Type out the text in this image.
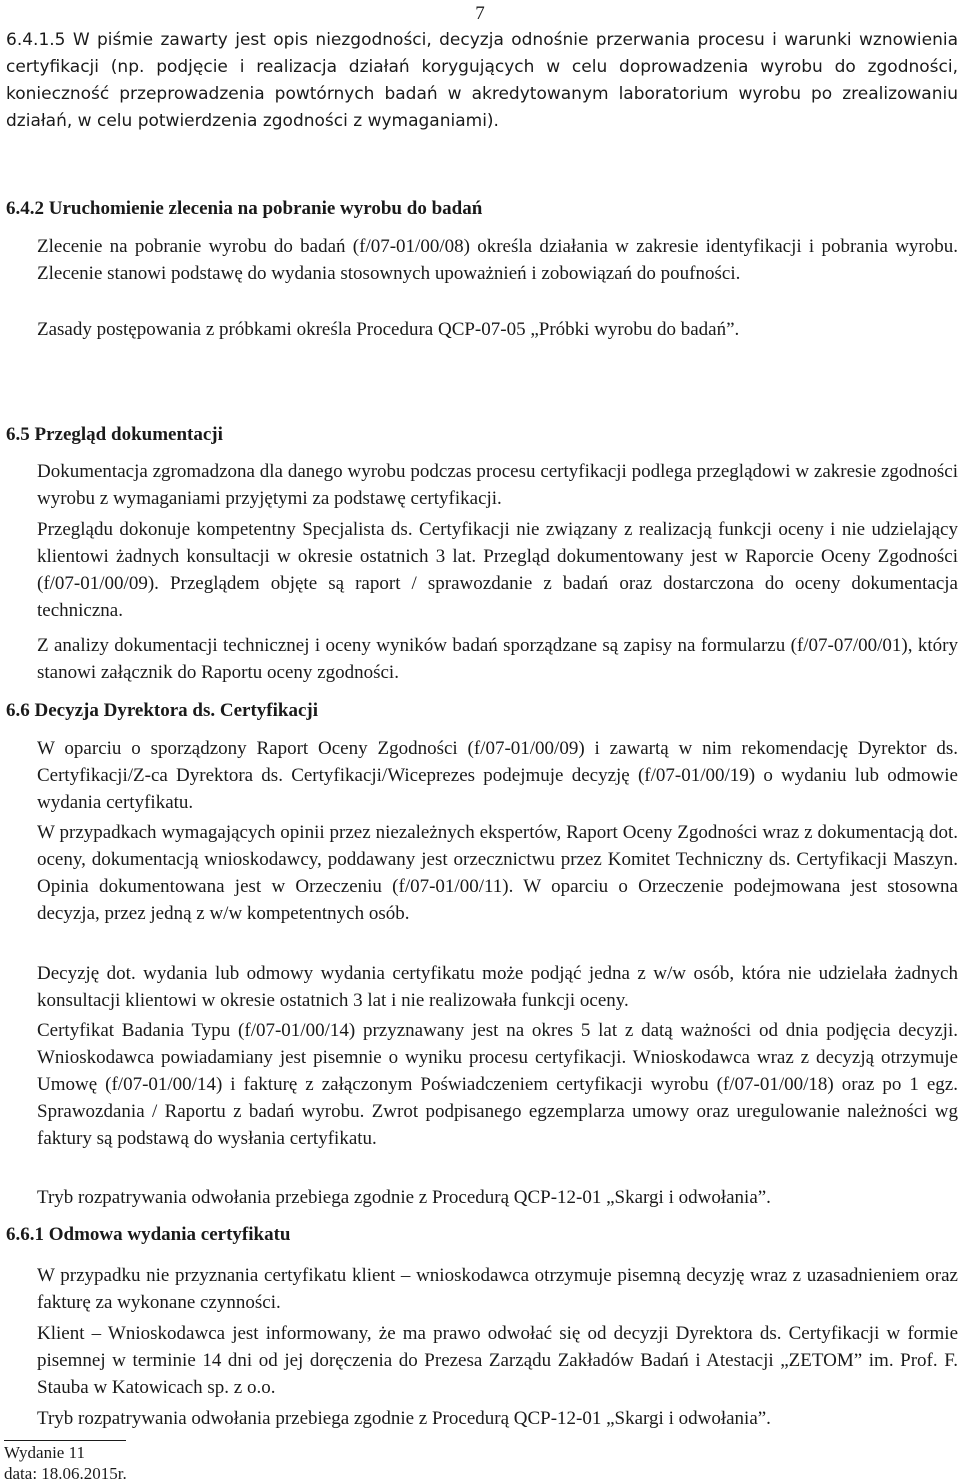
7

6.4.1.5 W piśmie zawarty jest opis niezgodności, decyzja odnośnie przerwania procesu i warunki wznowienia certyfikacji (np. podjęcie i realizacja działań korygujących w celu doprowadzenia wyrobu do zgodności, konieczność przeprowadzenia powtórnych badań w akredytowanym laboratorium wyrobu po zrealizowaniu działań, w celu potwierdzenia zgodności z wymaganiami).

6.4.2 Uruchomienie zlecenia na pobranie wyrobu do badań

Zlecenie na pobranie wyrobu do badań (f/07-01/00/08) określa działania w zakresie identyfikacji i pobrania wyrobu. Zlecenie stanowi podstawę do wydania stosownych upoważnień i zobowiązań do poufności.

Zasady postępowania z próbkami określa Procedura QCP-07-05 „Próbki wyrobu do badań”.

6.5 Przegląd dokumentacji

Dokumentacja zgromadzona dla danego wyrobu podczas procesu certyfikacji podlega przeglądowi w zakresie zgodności wyrobu z wymaganiami przyjętymi za podstawę certyfikacji.

Przeglądu dokonuje kompetentny Specjalista ds. Certyfikacji nie związany z realizacją funkcji oceny i nie udzielający klientowi żadnych konsultacji w okresie ostatnich 3 lat. Przegląd dokumentowany jest w Raporcie Oceny Zgodności (f/07-01/00/09). Przeglądem objęte są raport / sprawozdanie z badań oraz dostarczona do oceny dokumentacja techniczna.

Z analizy dokumentacji technicznej i oceny wyników badań sporządzane są zapisy na formularzu (f/07-07/00/01), który stanowi załącznik do Raportu oceny zgodności.

6.6 Decyzja Dyrektora ds. Certyfikacji

W oparciu o sporządzony Raport Oceny Zgodności (f/07-01/00/09) i zawartą w nim rekomendację Dyrektor ds. Certyfikacji/Z-ca Dyrektora ds. Certyfikacji/Wiceprezes podejmuje decyzję (f/07-01/00/19) o wydaniu lub odmowie wydania certyfikatu.

W przypadkach wymagających opinii przez niezależnych ekspertów, Raport Oceny Zgodności wraz z dokumentacją dot. oceny, dokumentacją wnioskodawcy, poddawany jest orzecznictwu przez Komitet Techniczny ds. Certyfikacji Maszyn. Opinia dokumentowana jest w Orzeczeniu (f/07-01/00/11). W oparciu o Orzeczenie podejmowana jest stosowna decyzja, przez jedną z w/w kompetentnych osób.

Decyzję dot. wydania lub odmowy wydania certyfikatu może podjąć jedna z w/w osób, która nie udzielała żadnych konsultacji klientowi w okresie ostatnich 3 lat i nie realizowała funkcji oceny.

Certyfikat Badania Typu (f/07-01/00/14) przyznawany jest na okres 5 lat z datą ważności od dnia podjęcia decyzji. Wnioskodawca powiadamiany jest pisemnie o wyniku procesu certyfikacji. Wnioskodawca wraz z decyzją otrzymuje Umowę (f/07-01/00/14) i fakturę z załączonym Poświadczeniem certyfikacji wyrobu (f/07-01/00/18) oraz po 1 egz. Sprawozdania / Raportu z badań wyrobu. Zwrot podpisanego egzemplarza umowy oraz uregulowanie należności wg faktury są podstawą do wysłania certyfikatu.

Tryb rozpatrywania odwołania przebiega zgodnie z Procedurą QCP-12-01 „Skargi i odwołania”.

6.6.1 Odmowa wydania certyfikatu

W przypadku nie przyznania certyfikatu klient – wnioskodawca otrzymuje pisemną decyzję wraz z uzasadnieniem oraz fakturę za wykonane czynności.

Klient – Wnioskodawca jest informowany, że ma prawo odwołać się od decyzji Dyrektora ds. Certyfikacji w formie pisemnej w terminie 14 dni od jej doręczenia do Prezesa Zarządu Zakładów Badań i Atestacji „ZETOM” im. Prof. F. Stauba w Katowicach sp. z o.o.

Tryb rozpatrywania odwołania przebiega zgodnie z Procedurą QCP-12-01 „Skargi i odwołania”.

Wydanie 11
data: 18.06.2015r.
